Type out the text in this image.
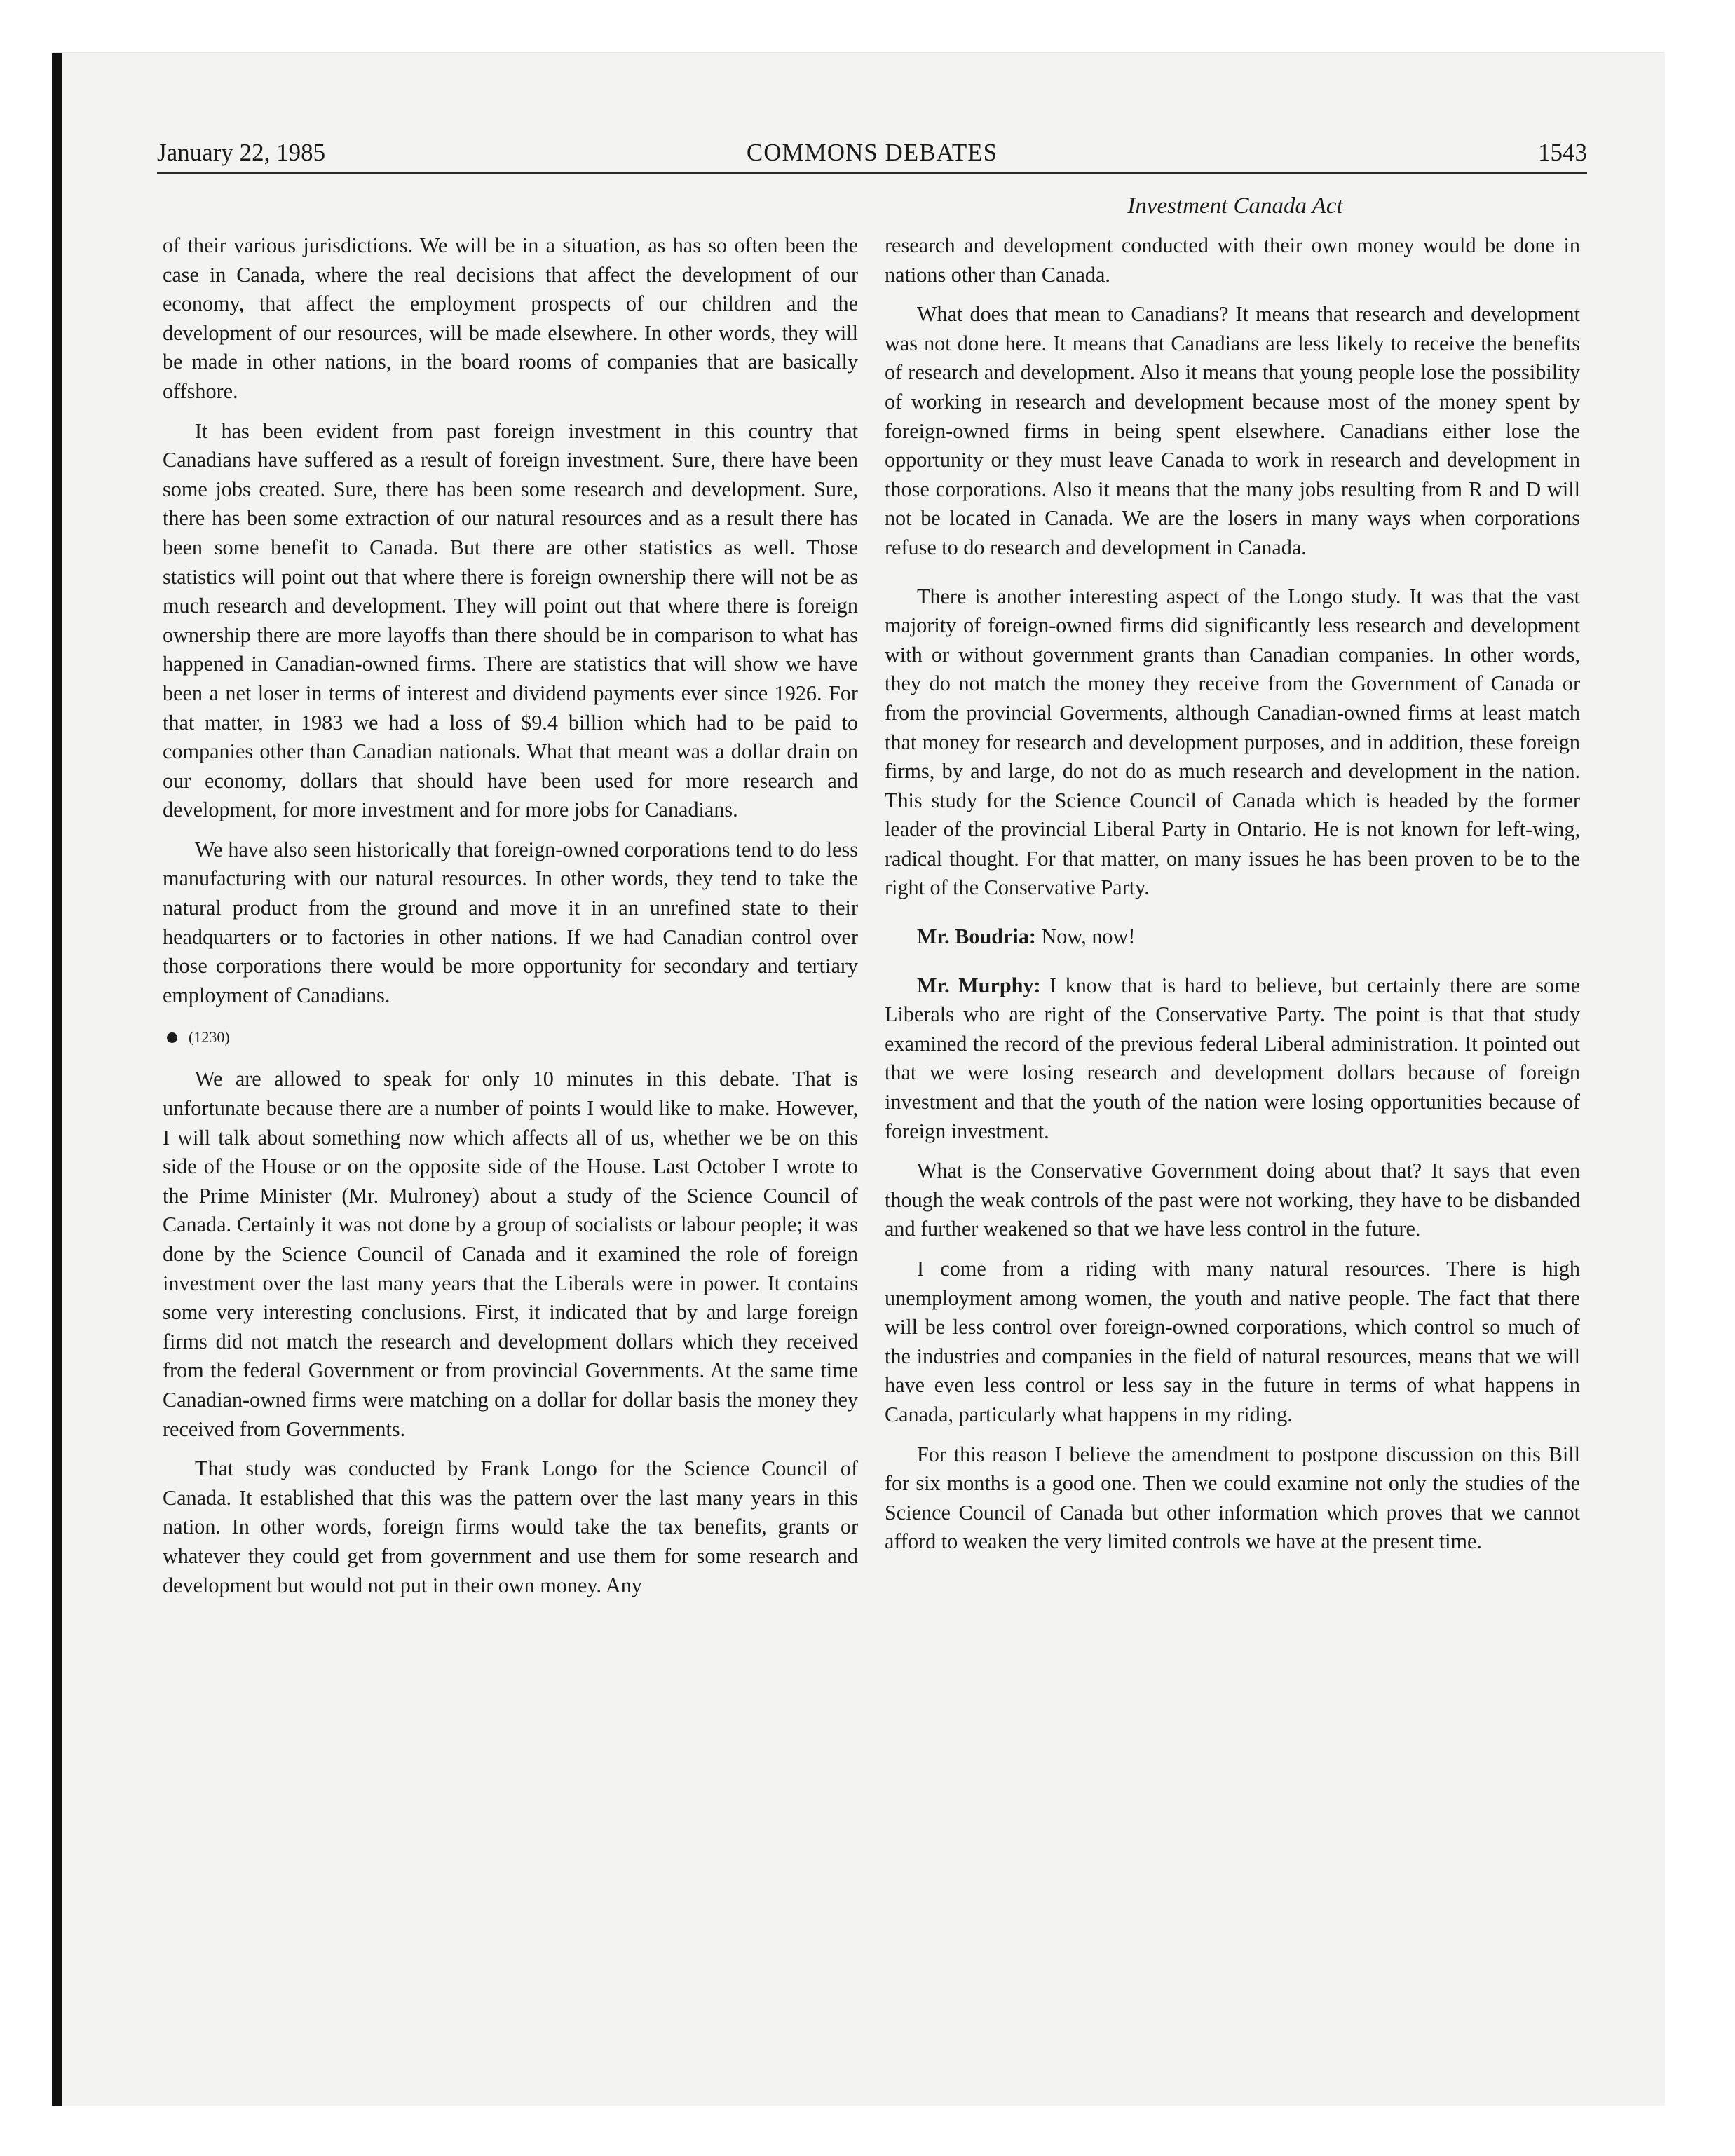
January 22, 1985	COMMONS DEBATES	1543
Investment Canada Act

of their various jurisdictions. We will be in a situation, as has so often been the case in Canada, where the real decisions that affect the development of our economy, that affect the employment prospects of our children and the development of our resources, will be made elsewhere. In other words, they will be made in other nations, in the board rooms of companies that are basically offshore.

It has been evident from past foreign investment in this country that Canadians have suffered as a result of foreign investment. Sure, there have been some jobs created. Sure, there has been some research and development. Sure, there has been some extraction of our natural resources and as a result there has been some benefit to Canada. But there are other statistics as well. Those statistics will point out that where there is foreign ownership there will not be as much research and development. They will point out that where there is foreign ownership there are more layoffs than there should be in comparison to what has happened in Canadian-owned firms. There are statistics that will show we have been a net loser in terms of interest and dividend payments ever since 1926. For that matter, in 1983 we had a loss of $9.4 billion which had to be paid to companies other than Canadian nationals. What that meant was a dollar drain on our economy, dollars that should have been used for more research and development, for more investment and for more jobs for Canadians.

We have also seen historically that foreign-owned corporations tend to do less manufacturing with our natural resources. In other words, they tend to take the natural product from the ground and move it in an unrefined state to their headquarters or to factories in other nations. If we had Canadian control over those corporations there would be more opportunity for secondary and tertiary employment of Canadians.

(1230)

We are allowed to speak for only 10 minutes in this debate. That is unfortunate because there are a number of points I would like to make. However, I will talk about something now which affects all of us, whether we be on this side of the House or on the opposite side of the House. Last October I wrote to the Prime Minister (Mr. Mulroney) about a study of the Science Council of Canada. Certainly it was not done by a group of socialists or labour people; it was done by the Science Council of Canada and it examined the role of foreign investment over the last many years that the Liberals were in power. It contains some very interesting conclusions. First, it indicated that by and large foreign firms did not match the research and development dollars which they received from the federal Government or from provincial Governments. At the same time Canadian-owned firms were matching on a dollar for dollar basis the money they received from Governments.

That study was conducted by Frank Longo for the Science Council of Canada. It established that this was the pattern over the last many years in this nation. In other words, foreign firms would take the tax benefits, grants or whatever they could get from government and use them for some research and development but would not put in their own money. Any

research and development conducted with their own money would be done in nations other than Canada.

What does that mean to Canadians? It means that research and development was not done here. It means that Canadians are less likely to receive the benefits of research and development. Also it means that young people lose the possibility of working in research and development because most of the money spent by foreign-owned firms in being spent elsewhere. Canadians either lose the opportunity or they must leave Canada to work in research and development in those corporations. Also it means that the many jobs resulting from R and D will not be located in Canada. We are the losers in many ways when corporations refuse to do research and development in Canada.

There is another interesting aspect of the Longo study. It was that the vast majority of foreign-owned firms did significantly less research and development with or without government grants than Canadian companies. In other words, they do not match the money they receive from the Government of Canada or from the provincial Goverments, although Canadian-owned firms at least match that money for research and development purposes, and in addition, these foreign firms, by and large, do not do as much research and development in the nation. This study for the Science Council of Canada which is headed by the former leader of the provincial Liberal Party in Ontario. He is not known for left-wing, radical thought. For that matter, on many issues he has been proven to be to the right of the Conservative Party.

Mr. Boudria: Now, now!

Mr. Murphy: I know that is hard to believe, but certainly there are some Liberals who are right of the Conservative Party. The point is that that study examined the record of the previous federal Liberal administration. It pointed out that we were losing research and development dollars because of foreign investment and that the youth of the nation were losing opportunities because of foreign investment.

What is the Conservative Government doing about that? It says that even though the weak controls of the past were not working, they have to be disbanded and further weakened so that we have less control in the future.

I come from a riding with many natural resources. There is high unemployment among women, the youth and native people. The fact that there will be less control over foreign-owned corporations, which control so much of the industries and companies in the field of natural resources, means that we will have even less control or less say in the future in terms of what happens in Canada, particularly what happens in my riding.

For this reason I believe the amendment to postpone discussion on this Bill for six months is a good one. Then we could examine not only the studies of the Science Council of Canada but other information which proves that we cannot afford to weaken the very limited controls we have at the present time.
